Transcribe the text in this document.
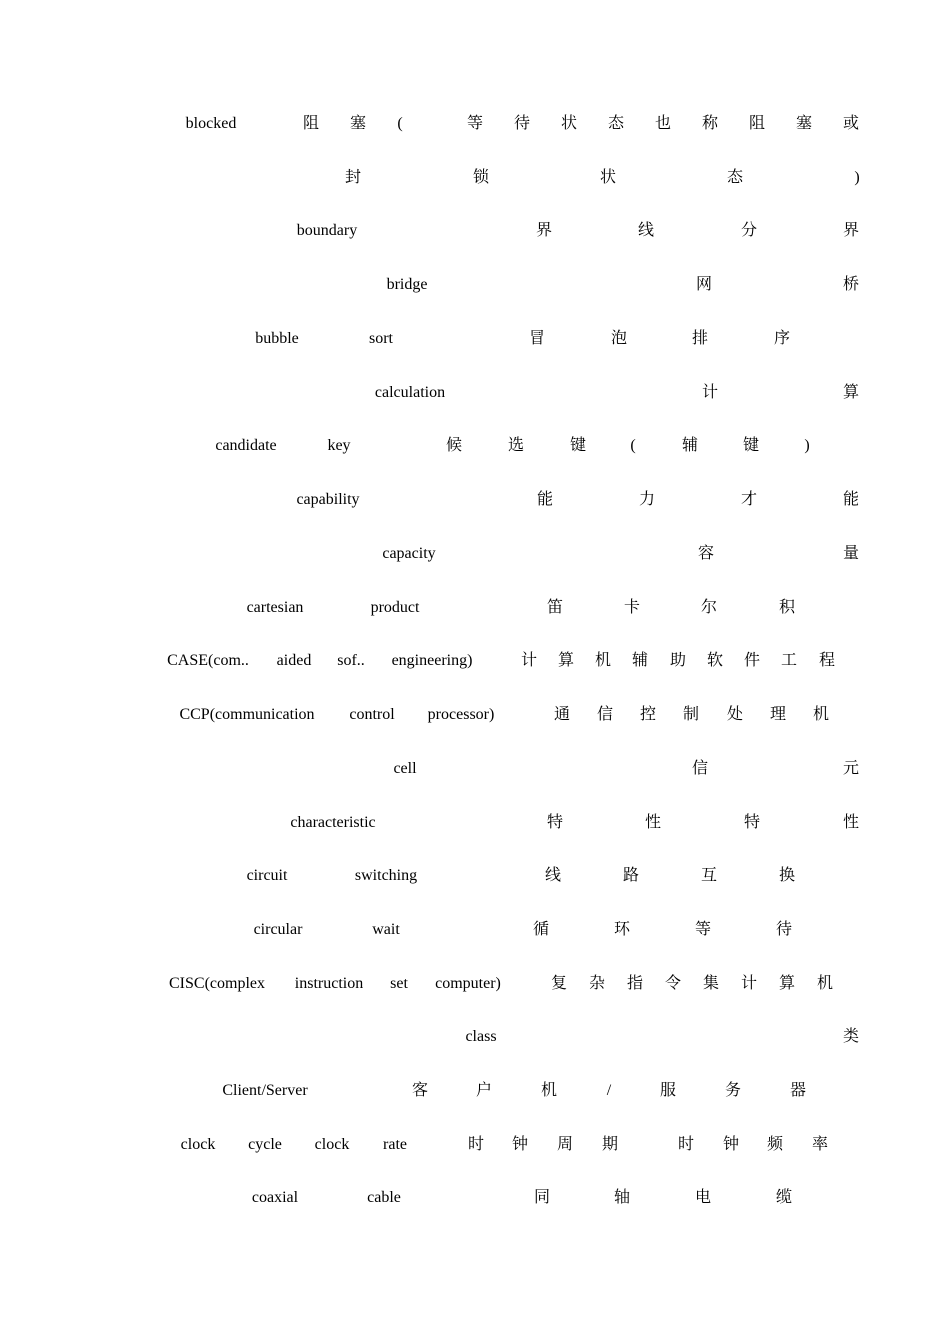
blocked	阻 塞 (	等 待 状 态 也 称 阻 塞 或
封	锁	状	态	)
boundary	界	线	分	界
bridge	网	桥
bubble	sort	冒	泡	排	序
calculation	计	算
candidate	key	候	选	键	(	辅	键	)
capability	能	力	才	能
capacity	容	量
cartesian	product	笛	卡	尔	积
CASE(com.. aided sof.. engineering)	计 算 机 辅 助 软 件 工 程
CCP(communication control processor)	通 信 控 制 处 理 机
cell	信	元
characteristic	特	性	特	性
circuit	switching	线	路	互	换
circular	wait	循	环	等	待
CISC(complex instruction set computer)	复 杂 指 令 集 计 算 机
class	类
Client/Server	客	户	机	/	服	务	器
clock cycle clock rate	时 钟 周 期	时 钟 频 率
coaxial	cable	同	轴	电	缆
